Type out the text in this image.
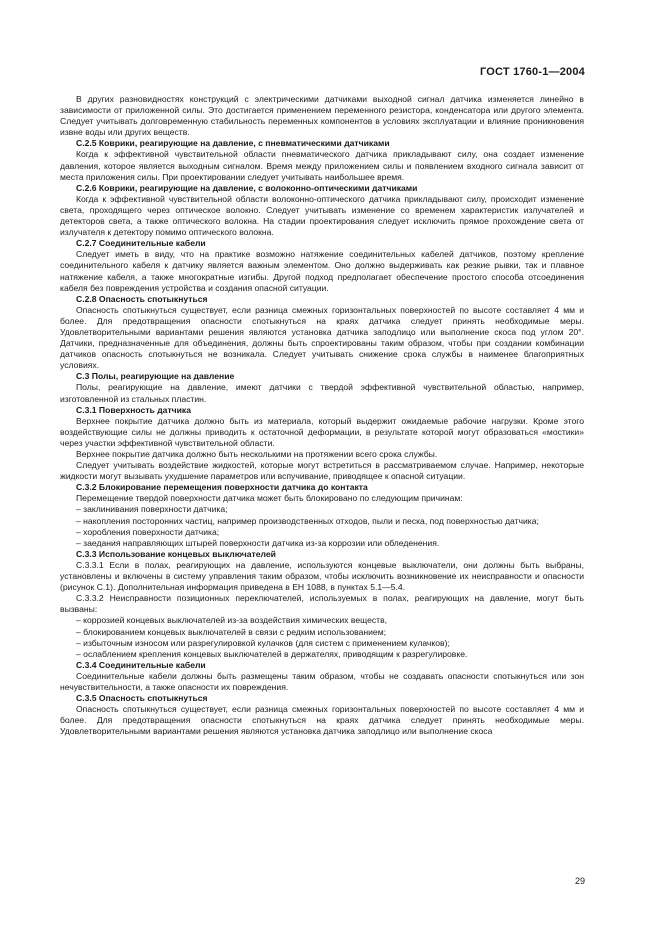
ГОСТ 1760-1—2004

В других разновидностях конструкций с электрическими датчиками выходной сигнал датчика изменяется линейно в зависимости от приложенной силы. Это достигается применением переменного резистора, конденсатора или другого элемента. Следует учитывать долговременную стабильность переменных компонентов в условиях эксплуатации и влияние проникновения извне воды или других веществ.

С.2.5 Коврики, реагирующие на давление, с пневматическими датчиками

Когда к эффективной чувствительной области пневматического датчика прикладывают силу, она создает изменение давления, которое является выходным сигналом. Время между приложением силы и появлением входного сигнала зависит от места приложения силы. При проектировании следует учитывать наибольшее время.

С.2.6 Коврики, реагирующие на давление, с волоконно-оптическими датчиками

Когда к эффективной чувствительной области волоконно-оптического датчика прикладывают силу, происходит изменение света, проходящего через оптическое волокно. Следует учитывать изменение со временем характеристик излучателей и детекторов света, а также оптического волокна. На стадии проектирования следует исключить прямое прохождение света от излучателя к детектору помимо оптического волокна.

С.2.7 Соединительные кабели

Следует иметь в виду, что на практике возможно натяжение соединительных кабелей датчиков, поэтому крепление соединительного кабеля к датчику является важным элементом. Оно должно выдерживать как резкие рывки, так и плавное натяжение кабеля, а также многократные изгибы. Другой подход предполагает обеспечение простого способа отсоединения кабеля без повреждения устройства и создания опасной ситуации.

С.2.8 Опасность спотыкнуться

Опасность спотыкнуться существует, если разница смежных горизонтальных поверхностей по высоте составляет 4 мм и более. Для предотвращения опасности спотыкнуться на краях датчика следует принять необходимые меры. Удовлетворительными вариантами решения являются установка датчика заподлицо или выполнение скоса под углом 20°. Датчики, предназначенные для объединения, должны быть спроектированы таким образом, чтобы при создании комбинации датчиков опасность спотыкнуться не возникала. Следует учитывать снижение срока службы в наименее благоприятных условиях.

С.3 Полы, реагирующие на давление

Полы, реагирующие на давление, имеют датчики с твердой эффективной чувствительной областью, например, изготовленной из стальных пластин.

С.3.1 Поверхность датчика

Верхнее покрытие датчика должно быть из материала, который выдержит ожидаемые рабочие нагрузки. Кроме этого воздействующие силы не должны приводить к остаточной деформации, в результате которой могут образоваться «мостики» через участки эффективной чувствительной области.

Верхнее покрытие датчика должно быть несколькими на протяжении всего срока службы.

Следует учитывать воздействие жидкостей, которые могут встретиться в рассматриваемом случае. Например, некоторые жидкости могут вызывать ухудшение параметров или вспучивание, приводящее к опасной ситуации.

С.3.2 Блокирование перемещения поверхности датчика до контакта

Перемещение твердой поверхности датчика может быть блокировано по следующим причинам:

– заклинивания поверхности датчика;

– накопления посторонних частиц, например производственных отходов, пыли и песка, под поверхностью датчика;

– хоробления поверхности датчика;

– заедания направляющих штырей поверхности датчика из-за коррозии или обледенения.

С.3.3 Использование концевых выключателей

С.3.3.1 Если в полах, реагирующих на давление, используются концевые выключатели, они должны быть выбраны, установлены и включены в систему управления таким образом, чтобы исключить возникновение их неисправности и опасности (рисунок С.1). Дополнительная информация приведена в ЕН 1088, в пунктах 5.1—5.4.

С.3.3.2 Неисправности позиционных переключателей, используемых в полах, реагирующих на давление, могут быть вызваны:

– коррозией концевых выключателей из-за воздействия химических веществ,

– блокированием концевых выключателей в связи с редким использованием;

– избыточным износом или разрегулировкой кулачков (для систем с применением кулачков);

– ослаблением крепления концевых выключателей в держателях, приводящим к разрегулировке.

С.3.4 Соединительные кабели

Соединительные кабели должны быть размещены таким образом, чтобы не создавать опасности спотыкнуться или зон нечувствительности, а также опасности их повреждения.

С.3.5 Опасность спотыкнуться

Опасность спотыкнуться существует, если разница смежных горизонтальных поверхностей по высоте составляет 4 мм и более. Для предотвращения опасности спотыкнуться на краях датчика следует принять необходимые меры. Удовлетворительными вариантами решения являются установка датчика заподлицо или выполнение скоса

29
